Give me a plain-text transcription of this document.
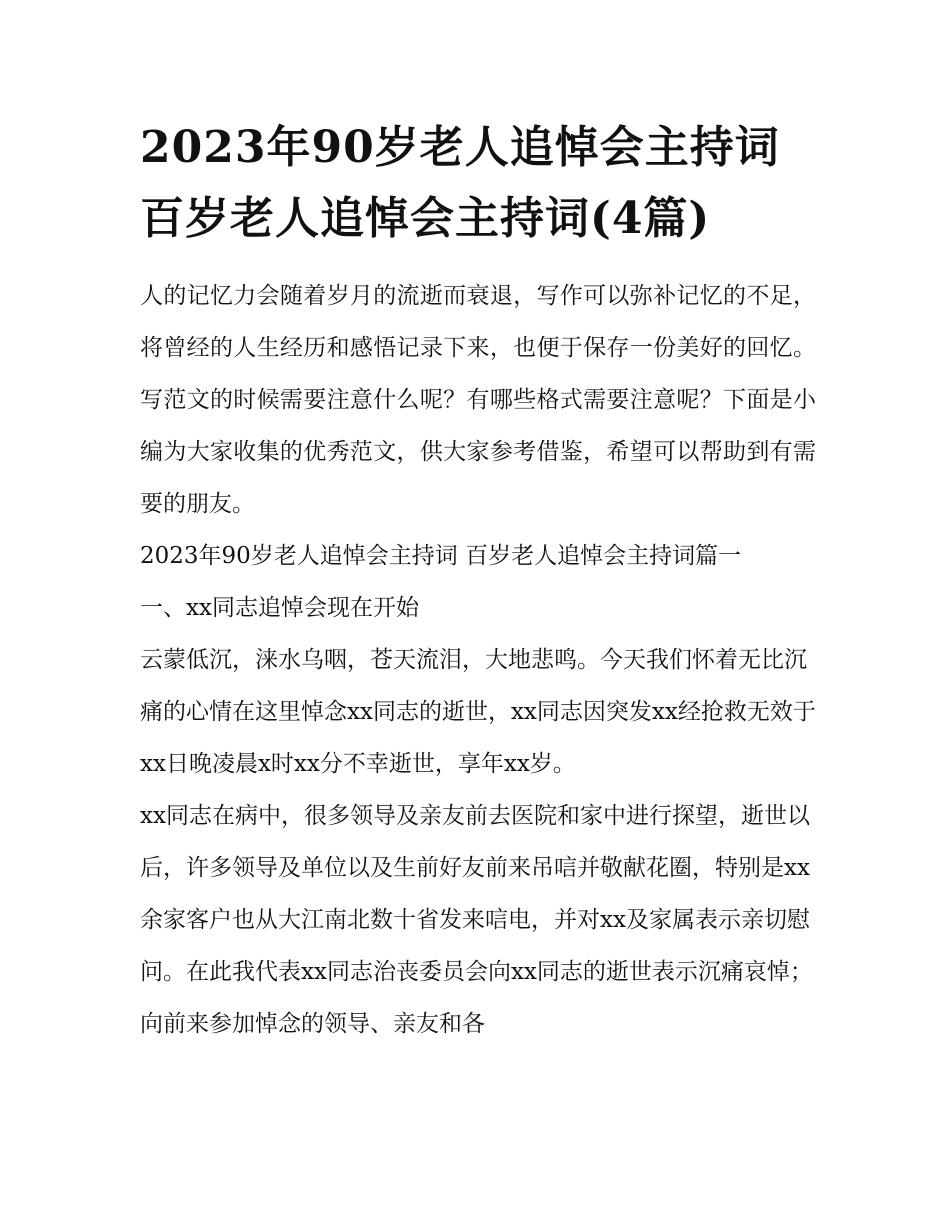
2023年90岁老人追悼会主持词 百岁老人追悼会主持词(4篇)

人的记忆力会随着岁月的流逝而衰退，写作可以弥补记忆的不足，将曾经的人生经历和感悟记录下来，也便于保存一份美好的回忆。写范文的时候需要注意什么呢？有哪些格式需要注意呢？下面是小编为大家收集的优秀范文，供大家参考借鉴，希望可以帮助到有需要的朋友。

2023年90岁老人追悼会主持词 百岁老人追悼会主持词篇一

一、xx同志追悼会现在开始

云蒙低沉，涞水乌咽，苍天流泪，大地悲鸣。今天我们怀着无比沉痛的心情在这里悼念xx同志的逝世，xx同志因突发xx经抢救无效于xx日晚凌晨x时xx分不幸逝世，享年xx岁。

xx同志在病中，很多领导及亲友前去医院和家中进行探望，逝世以后，许多领导及单位以及生前好友前来吊唁并敬献花圈，特别是xx余家客户也从大江南北数十省发来唁电，并对xx及家属表示亲切慰问。在此我代表xx同志治丧委员会向xx同志的逝世表示沉痛哀悼；向前来参加悼念的领导、亲友和各
